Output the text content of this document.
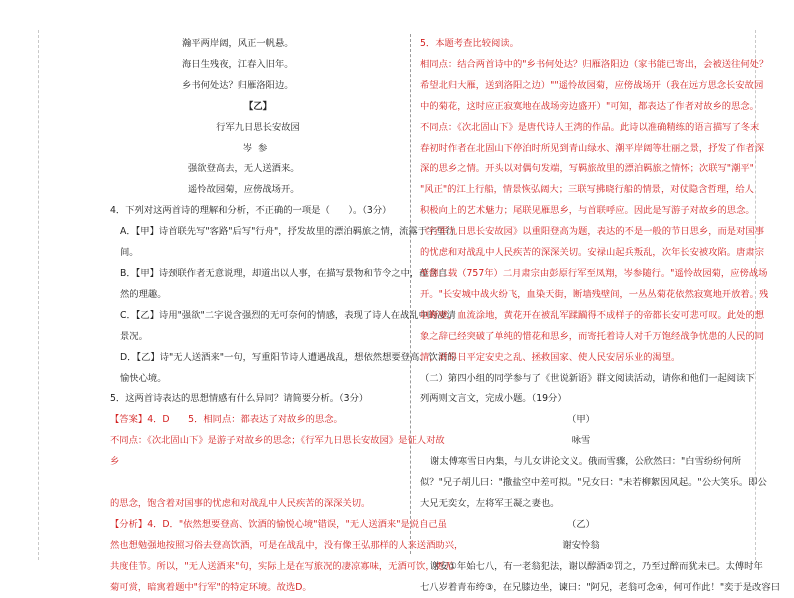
瀚平两岸阔，风正一帆悬。
海日生残夜，江春入旧年。
乡书何处达？归雁洛阳边。
【乙】
行军九日思长安故园
岑参
强欲登高去，无人送酒来。
遥怜故园菊，应傍战场开。
4．下列对这两首诗的理解和分析，不正确的一项是（　　）。（3分）
A．【甲】诗首联先写"客路"后写"行舟"，抒发故里的漂泊羁旅之情，流露于字里行
间。
B．【甲】诗颈联作者无意说理，却道出以人事，在描写景物和节令之中，蕴含自
然的理趣。
C．【乙】诗用"强欲"二字说含强烈的无可奈何的情感，表现了诗人在战乱中的凄清
景况。
D．【乙】诗"无人送酒来"一句，写重阳节诗人遭遇战乱，想依然想要登高、饮酒的
愉快心境。
5．这两首诗表达的思想情感有什么异同？请简要分析。（3分）
【答案】4．D　　5．相同点：都表达了对故乡的思念。
不同点：《次北固山下》是游子对故乡的思念；《行军九日思长安故园》是征人对故
乡
的思念，饱含着对国事的忧虑和对战乱中人民疾苦的深深关切。
【分析】4．D．"依然想要登高、饮酒的愉悦心境"错误，"无人送酒来"是说自己虽
然也想勉强地按照习俗去登高饮酒，可是在战乱中，没有像王弘那样的人来送酒助兴，
共度佳节。所以，"无人送酒来"句，实际上是在写旅况的凄凉寡味，无酒可饮，更无
菊可赏，暗寓着题中"行军"的特定环境。故选D。
5．本题考查比较阅读。
相同点：结合两首诗中的"乡书何处达？归雁洛阳边（家书能已寄出，会被送往何处？
希望北归大雁，送到洛阳之边）""遥怜故园菊，应傍战场开（我在远方思念长安故园
中的菊花，这时应正寂寞地在战场旁边盛开）"可知，都表达了作者对故乡的思念。
不同点：《次北固山下》是唐代诗人王湾的作品。此诗以准确精练的语言描写了冬末
春初时作者在北固山下停泊时所见到青山绿水、潮平岸阔等壮丽之景，抒发了作者深
深的思乡之情。开头以对偶句发端，写羁旅故里的漂泊羁旅之情怀；次联写"潮平"
"风正"的江上行船，情景恢弘阔大；三联写拂晓行船的情景，对仗隐含哲理，给人
积极向上的艺术魅力；尾联见雁思乡，与首联呼应。因此是写游子对故乡的思念。
《行军九日思长安故园》以重阳登高为题，表达的不是一般的节日思乡，而是对国事
的忧虑和对战乱中人民疾苦的深深关切。安禄山起兵叛乱，次年长安被攻陷。唐肃宗
至德二载（757年）二月肃宗由彭原行军至凤翔，岑参随行。"遥怜故园菊，应傍战场
开。"长安城中战火纷飞，血染天街，断墙残壁间，一丛丛菊花依然寂寞地开放着。残
垣断壁，血流涂地，黄花开在被乱军蹂躏得不成样子的帝都长安可悲可叹。此处的想
象之辞已经突破了单纯的惜花和思乡，而寄托着诗人对千万饱经战争忧患的人民的同
情，对早日平定安史之乱、拯救国家、使人民安居乐业的渴望。
（二）第四小组的同学参与了《世说新语》群文阅读活动，请你和他们一起阅读下
列两则文言文，完成小题。（19分）
（甲）
咏雪
谢太傅寒雪日内集，与儿女讲论文义。俄而雪骤，公欣然曰："白雪纷纷何所
似？"兄子胡儿曰："撒盐空中差可拟。"兄女曰："未若柳絮因风起。"公大笑乐。即公
大兄无奕女，左将军王凝之妻也。
（乙）
谢安怜翁
谢安①年始七八，有一老翁犯法，谢以醇酒②罚之，乃至过醉而犹未已。太傅时年
七八岁着青布绔③，在兄膝边坐，谏曰："阿兄，老翁可念④，何可作此！"奕于是改容曰
